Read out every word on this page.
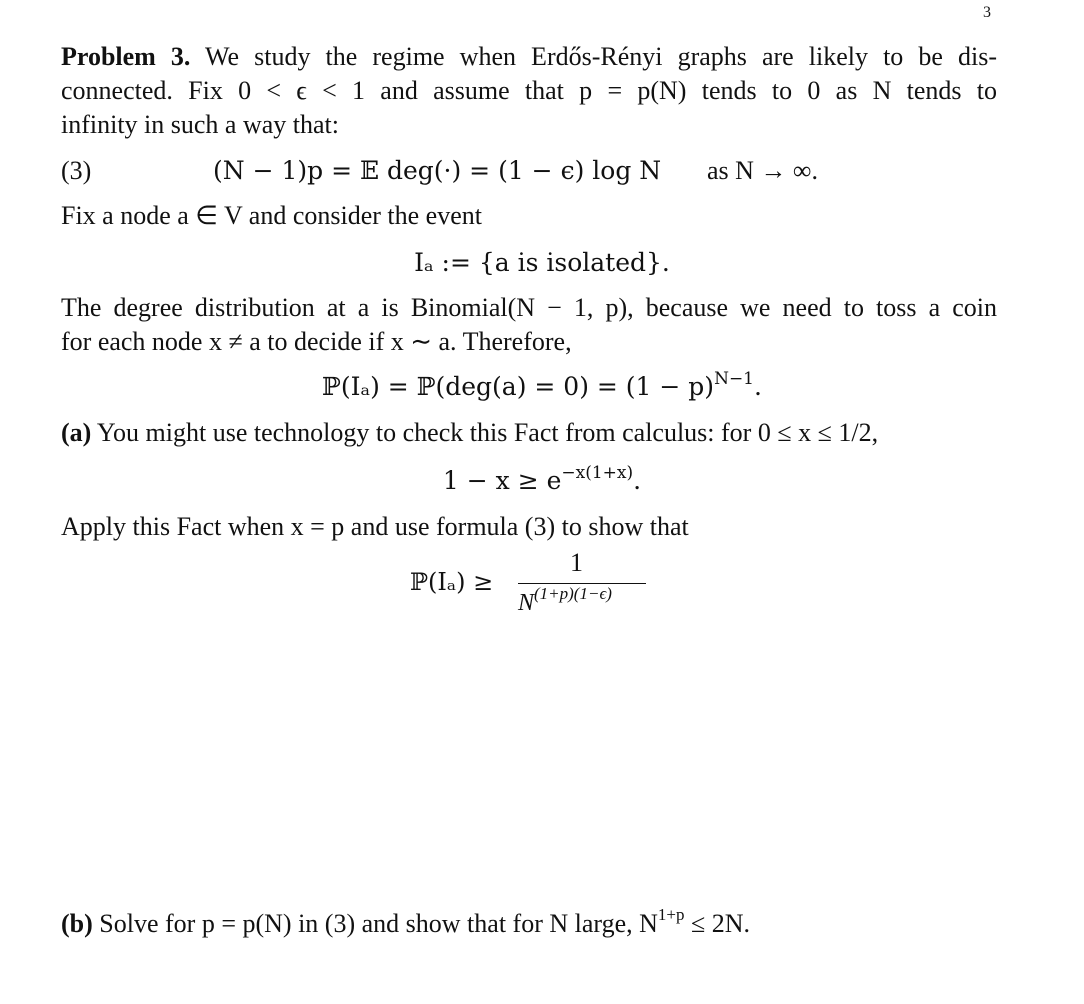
3
Problem 3. We study the regime when Erdős-Rényi graphs are likely to be dis-
connected. Fix 0 < ϵ < 1 and assume that p = p(N) tends to 0 as N tends to
infinity in such a way that:
(3)	(N − 1)p = 𝔼 deg(·) = (1 − ϵ) log N as N → ∞.
Fix a node a ∈ V and consider the event
Iₐ := {a is isolated}.
The degree distribution at a is Binomial(N − 1, p), because we need to toss a coin
for each node x ≠ a to decide if x ∼ a. Therefore,
ℙ(Iₐ) = ℙ(deg(a) = $0) = (1 - p)^{N-1}$.
(a) You might use technology to check this Fact from calculus: for 0 ≤ x ≤ 1/2,
$1 - x \ge e^{-x(1+x)}$.
Apply this Fact when x = p and use formula (3) to show that
ℙ(Iₐ) ≥
1
$N^{(1+p)(1-\epsilon)}$
(b) Solve for p = p(N) in (3) and show that for N large, $N^{1+p} \le 2N$.
